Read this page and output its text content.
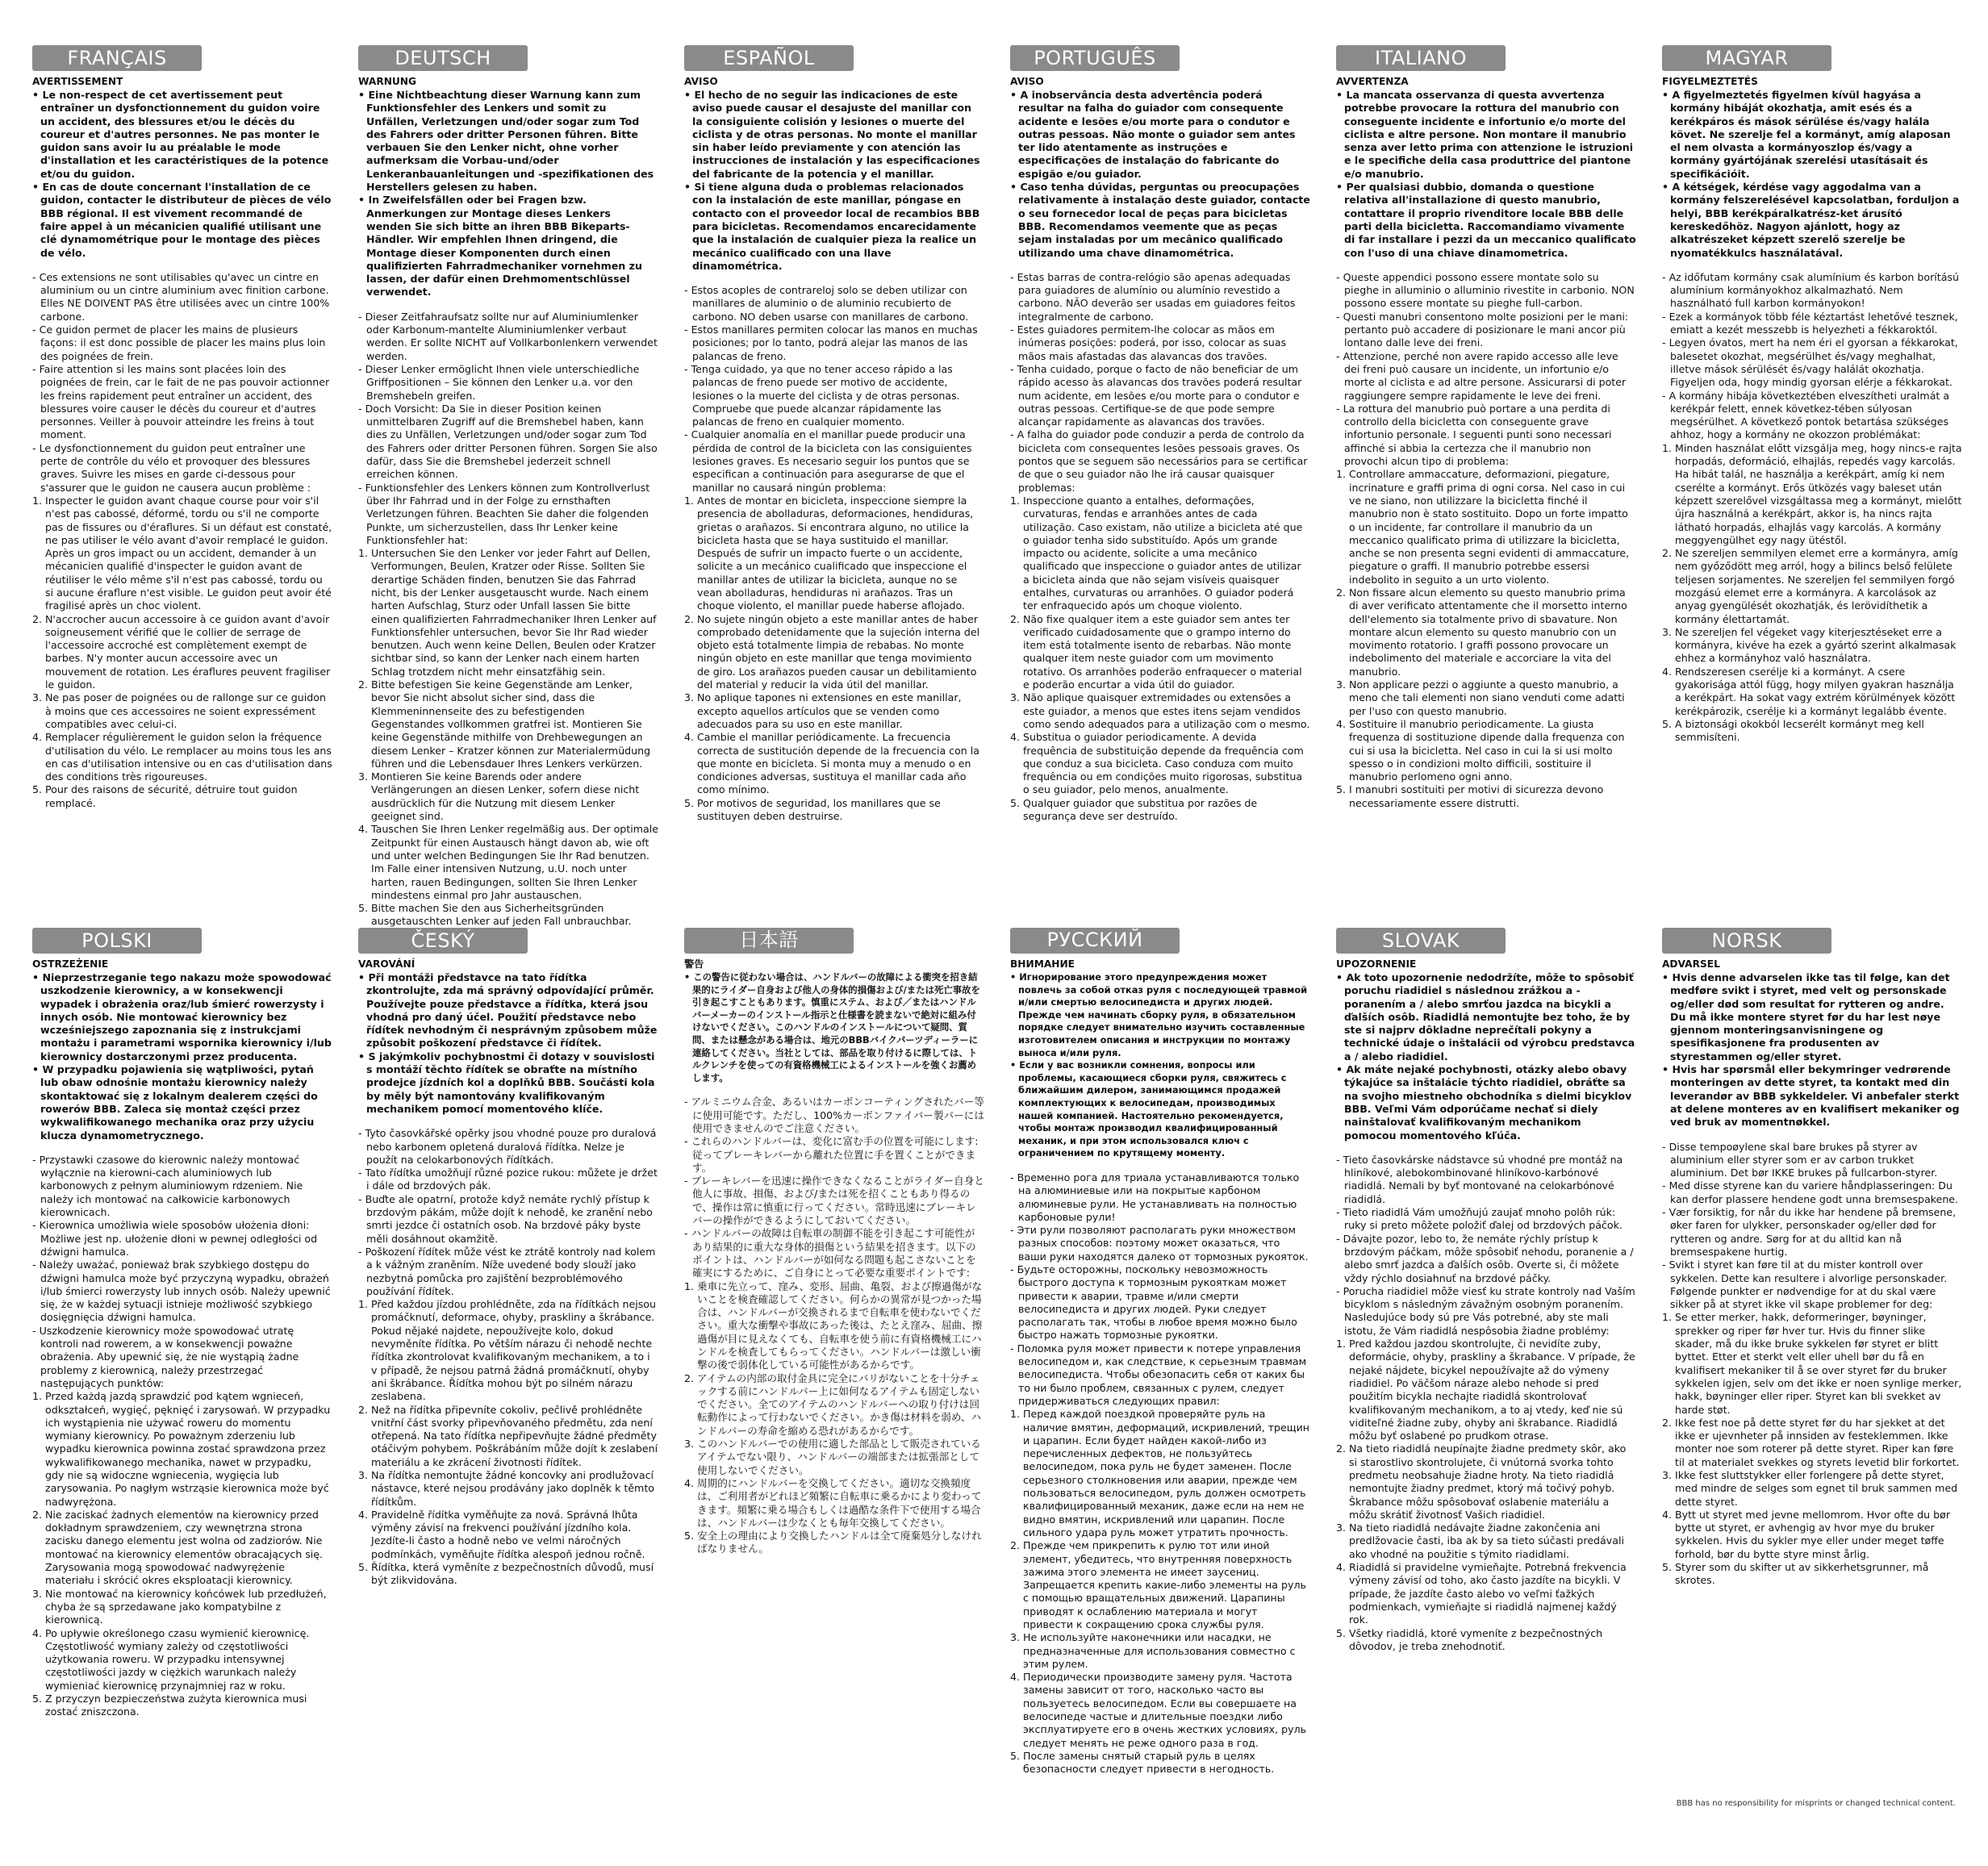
FRANÇAIS
AVERTISSEMENT
• Le non-respect de cet avertissement peut entraîner un dysfonctionnement du guidon voire un accident, des blessures et/ou le décès du coureur et d'autres personnes. Ne pas monter le guidon sans avoir lu au préalable le mode d'installation et les caractéristiques de la potence et/ou du guidon.
• En cas de doute concernant l'installation de ce guidon, contacter le distributeur de pièces de vélo BBB régional. Il est vivement recommandé de faire appel à un mécanicien qualifié utilisant une clé dynamométrique pour le montage des pièces de vélo.
- Ces extensions ne sont utilisables qu'avec un cintre en aluminium ou un cintre aluminium avec finition carbone. Elles NE DOIVENT PAS être utilisées avec un cintre 100% carbone.
- Ce guidon permet de placer les mains de plusieurs façons: il est donc possible de placer les mains plus loin des poignées de frein.
- Faire attention si les mains sont placées loin des poignées de frein, car le fait de ne pas pouvoir actionner les freins rapidement peut entraîner un accident, des blessures voire causer le décès du coureur et d'autres personnes. Veiller à pouvoir atteindre les freins à tout moment.
- Le dysfonctionnement du guidon peut entraîner une perte de contrôle du vélo et provoquer des blessures graves. Suivre les mises en garde ci-dessous pour s'assurer que le guidon ne causera aucun problème :
1. Inspecter le guidon avant chaque course pour voir s'il n'est pas cabossé, déformé, tordu ou s'il ne comporte pas de fissures ou d'éraflures. Si un défaut est constaté, ne pas utiliser le vélo avant d'avoir remplacé le guidon. Après un gros impact ou un accident, demander à un mécanicien qualifié d'inspecter le guidon avant de réutiliser le vélo même s'il n'est pas cabossé, tordu ou si aucune éraflure n'est visible. Le guidon peut avoir été fragilisé après un choc violent.
2. N'accrocher aucun accessoire à ce guidon avant d'avoir soigneusement vérifié que le collier de serrage de l'accessoire accroché est complètement exempt de barbes. N'y monter aucun accessoire avec un mouvement de rotation. Les éraflures peuvent fragiliser le guidon.
3. Ne pas poser de poignées ou de rallonge sur ce guidon à moins que ces accessoires ne soient expressément compatibles avec celui-ci.
4. Remplacer régulièrement le guidon selon la fréquence d'utilisation du vélo. Le remplacer au moins tous les ans en cas d'utilisation intensive ou en cas d'utilisation dans des conditions très rigoureuses.
5. Pour des raisons de sécurité, détruire tout guidon remplacé.
DEUTSCH
WARNUNG
• Eine Nichtbeachtung dieser Warnung kann zum Funktionsfehler des Lenkers und somit zu Unfällen, Verletzungen und/oder sogar zum Tod des Fahrers oder dritter Personen führen. Bitte verbauen Sie den Lenker nicht, ohne vorher aufmerksam die Vorbau-und/oder Lenkeranbauanleitungen und -spezifikationen des Herstellers gelesen zu haben.
• In Zweifelsfällen oder bei Fragen bzw. Anmerkungen zur Montage dieses Lenkers wenden Sie sich bitte an ihren BBB Bikeparts-Händler. Wir empfehlen Ihnen dringend, die Montage dieser Komponenten durch einen qualifizierten Fahrradmechaniker vornehmen zu lassen, der dafür einen Drehmomentschlüssel verwendet.
- Dieser Zeitfahraufsatz sollte nur auf Aluminiumlenker oder Karbonum-mantelte Aluminiumlenker verbaut werden. Er sollte NICHT auf Vollkarbonlenkern verwendet werden.
- Dieser Lenker ermöglicht Ihnen viele unterschiedliche Griffpositionen – Sie können den Lenker u.a. vor den Bremshebeln greifen.
- Doch Vorsicht: Da Sie in dieser Position keinen unmittelbaren Zugriff auf die Bremshebel haben, kann dies zu Unfällen, Verletzungen und/oder sogar zum Tod des Fahrers oder dritter Personen führen. Sorgen Sie also dafür, dass Sie die Bremshebel jederzeit schnell erreichen können.
- Funktionsfehler des Lenkers können zum Kontrollverlust über Ihr Fahrrad und in der Folge zu ernsthaften Verletzungen führen. Beachten Sie daher die folgenden Punkte, um sicherzustellen, dass Ihr Lenker keine Funktionsfehler hat:
1. Untersuchen Sie den Lenker vor jeder Fahrt auf Dellen, Verformungen, Beulen, Kratzer oder Risse. Sollten Sie derartige Schäden finden, benutzen Sie das Fahrrad nicht, bis der Lenker ausgetauscht wurde. Nach einem harten Aufschlag, Sturz oder Unfall lassen Sie bitte einen qualifizierten Fahrradmechaniker Ihren Lenker auf Funktionsfehler untersuchen, bevor Sie Ihr Rad wieder benutzen. Auch wenn keine Dellen, Beulen oder Kratzer sichtbar sind, so kann der Lenker nach einem harten Schlag trotzdem nicht mehr einsatzfähig sein.
2. Bitte befestigen Sie keine Gegenstände am Lenker, bevor Sie nicht absolut sicher sind, dass die Klemmeninnenseite des zu befestigenden Gegenstandes vollkommen gratfrei ist. Montieren Sie keine Gegenstände mithilfe von Drehbewegungen an diesem Lenker – Kratzer können zur Materialermüdung führen und die Lebensdauer Ihres Lenkers verkürzen.
3. Montieren Sie keine Barends oder andere Verlängerungen an diesen Lenker, sofern diese nicht ausdrücklich für die Nutzung mit diesem Lenker geeignet sind.
4. Tauschen Sie Ihren Lenker regelmäßig aus. Der optimale Zeitpunkt für einen Austausch hängt davon ab, wie oft und unter welchen Bedingungen Sie Ihr Rad benutzen. Im Falle einer intensiven Nutzung, u.U. noch unter harten, rauen Bedingungen, sollten Sie Ihren Lenker mindestens einmal pro Jahr austauschen.
5. Bitte machen Sie den aus Sicherheitsgründen ausgetauschten Lenker auf jeden Fall unbrauchbar.
ESPAÑOL
AVISO
• El hecho de no seguir las indicaciones de este aviso puede causar el desajuste del manillar con la consiguiente colisión y lesiones o muerte del ciclista y de otras personas. No monte el manillar sin haber leído previamente y con atención las instrucciones de instalación y las especificaciones del fabricante de la potencia y el manillar.
• Si tiene alguna duda o problemas relacionados con la instalación de este manillar, póngase en contacto con el proveedor local de recambios BBB para bicicletas. Recomendamos encarecidamente que la instalación de cualquier pieza la realice un mecánico cualificado con una llave dinamométrica.
- Estos acoples de contrareloj solo se deben utilizar con manillares de aluminio o de aluminio recubierto de carbono. NO deben usarse con manillares de carbono.
- Estos manillares permiten colocar las manos en muchas posiciones; por lo tanto, podrá alejar las manos de las palancas de freno.
- Tenga cuidado, ya que no tener acceso rápido a las palancas de freno puede ser motivo de accidente, lesiones o la muerte del ciclista y de otras personas. Compruebe que puede alcanzar rápidamente las palancas de freno en cualquier momento.
- Cualquier anomalía en el manillar puede producir una pérdida de control de la bicicleta con las consiguientes lesiones graves. Es necesario seguir los puntos que se especifican a continuación para asegurarse de que el manillar no causará ningún problema:
1. Antes de montar en bicicleta, inspeccione siempre la presencia de abolladuras, deformaciones, hendiduras, grietas o arañazos. Si encontrara alguno, no utilice la bicicleta hasta que se haya sustituido el manillar. Después de sufrir un impacto fuerte o un accidente, solicite a un mecánico cualificado que inspeccione el manillar antes de utilizar la bicicleta, aunque no se vean abolladuras, hendiduras ni arañazos. Tras un choque violento, el manillar puede haberse aflojado.
2. No sujete ningún objeto a este manillar antes de haber comprobado detenidamente que la sujeción interna del objeto está totalmente limpia de rebabas. No monte ningún objeto en este manillar que tenga movimiento de giro. Los arañazos pueden causar un debilitamiento del material y reducir la vida útil del manillar.
3. No aplique tapones ni extensiones en este manillar, excepto aquellos artículos que se venden como adecuados para su uso en este manillar.
4. Cambie el manillar periódicamente. La frecuencia correcta de sustitución depende de la frecuencia con la que monte en bicicleta. Si monta muy a menudo o en condiciones adversas, sustituya el manillar cada año como mínimo.
5. Por motivos de seguridad, los manillares que se sustituyen deben destruirse.
PORTUGUÊS
AVISO
• A inobservância desta advertência poderá resultar na falha do guiador com consequente acidente e lesões e/ou morte para o condutor e outras pessoas. Não monte o guiador sem antes ter lido atentamente as instruções e especificações de instalação do fabricante do espigão e/ou guiador.
• Caso tenha dúvidas, perguntas ou preocupações relativamente à instalação deste guiador, contacte o seu fornecedor local de peças para bicicletas BBB. Recomendamos veemente que as peças sejam instaladas por um mecânico qualificado utilizando uma chave dinamométrica.
- Estas barras de contra-relógio são apenas adequadas para guiadores de alumínio ou alumínio revestido a carbono. NÃO deverão ser usadas em guiadores feitos integralmente de carbono.
- Estes guiadores permitem-lhe colocar as mãos em inúmeras posições: poderá, por isso, colocar as suas mãos mais afastadas das alavancas dos travões.
- Tenha cuidado, porque o facto de não beneficiar de um rápido acesso às alavancas dos travões poderá resultar num acidente, em lesões e/ou morte para o condutor e outras pessoas. Certifique-se de que pode sempre alcançar rapidamente as alavancas dos travões.
- A falha do guiador pode conduzir a perda de controlo da bicicleta com consequentes lesões pessoais graves. Os pontos que se seguem são necessários para se certificar de que o seu guiador não lhe irá causar quaisquer problemas:
1. Inspeccione quanto a entalhes, deformações, curvaturas, fendas e arranhões antes de cada utilização. Caso existam, não utilize a bicicleta até que o guiador tenha sido substituído. Após um grande impacto ou acidente, solicite a uma mecânico qualificado que inspeccione o guiador antes de utilizar a bicicleta ainda que não sejam visíveis quaisquer entalhes, curvaturas ou arranhões. O guiador poderá ter enfraquecido após um choque violento.
2. Não fixe qualquer item a este guiador sem antes ter verificado cuidadosamente que o grampo interno do item está totalmente isento de rebarbas. Não monte qualquer item neste guiador com um movimento rotativo. Os arranhões poderão enfraquecer o material e poderão encurtar a vida útil do guiador.
3. Não aplique quaisquer extremidades ou extensões a este guiador, a menos que estes itens sejam vendidos como sendo adequados para a utilização com o mesmo.
4. Substitua o guiador periodicamente. A devida frequência de substituição depende da frequência com que conduz a sua bicicleta. Caso conduza com muito frequência ou em condições muito rigorosas, substitua o seu guiador, pelo menos, anualmente.
5. Qualquer guiador que substitua por razões de segurança deve ser destruído.
ITALIANO
AVVERTENZA
• La mancata osservanza di questa avvertenza potrebbe provocare la rottura del manubrio con conseguente incidente e infortunio e/o morte del ciclista e altre persone. Non montare il manubrio senza aver letto prima con attenzione le istruzioni e le specifiche della casa produttrice del piantone e/o manubrio.
• Per qualsiasi dubbio, domanda o questione relativa all'installazione di questo manubrio, contattare il proprio rivenditore locale BBB delle parti della bicicletta. Raccomandiamo vivamente di far installare i pezzi da un meccanico qualificato con l'uso di una chiave dinamometrica.
- Queste appendici possono essere montate solo su pieghe in alluminio o alluminio rivestite in carbonio. NON possono essere montate su pieghe full-carbon.
- Questi manubri consentono molte posizioni per le mani: pertanto può accadere di posizionare le mani ancor più lontano dalle leve dei freni.
- Attenzione, perché non avere rapido accesso alle leve dei freni può causare un incidente, un infortunio e/o morte al ciclista e ad altre persone. Assicurarsi di poter raggiungere sempre rapidamente le leve dei freni.
- La rottura del manubrio può portare a una perdita di controllo della bicicletta con conseguente grave infortunio personale. I seguenti punti sono necessari affinché si abbia la certezza che il manubrio non provochi alcun tipo di problema:
1. Controllare ammaccature, deformazioni, piegature, incrinature e graffi prima di ogni corsa. Nel caso in cui ve ne siano, non utilizzare la bicicletta finché il manubrio non è stato sostituito. Dopo un forte impatto o un incidente, far controllare il manubrio da un meccanico qualificato prima di utilizzare la bicicletta, anche se non presenta segni evidenti di ammaccature, piegature o graffi. Il manubrio potrebbe essersi indebolito in seguito a un urto violento.
2. Non fissare alcun elemento su questo manubrio prima di aver verificato attentamente che il morsetto interno dell'elemento sia totalmente privo di sbavature. Non montare alcun elemento su questo manubrio con un movimento rotatorio. I graffi possono provocare un indebolimento del materiale e accorciare la vita del manubrio.
3. Non applicare pezzi o aggiunte a questo manubrio, a meno che tali elementi non siano venduti come adatti per l'uso con questo manubrio.
4. Sostituire il manubrio periodicamente. La giusta frequenza di sostituzione dipende dalla frequenza con cui si usa la bicicletta. Nel caso in cui la si usi molto spesso o in condizioni molto difficili, sostituire il manubrio perlomeno ogni anno.
5. I manubri sostituiti per motivi di sicurezza devono necessariamente essere distrutti.
MAGYAR
FIGYELMEZTETÉS
• A figyelmeztetés figyelmen kívül hagyása a kormány hibáját okozhatja, amit esés és a kerékpáros és mások sérülése és/vagy halála követ. Ne szerelje fel a kormányt, amíg alaposan el nem olvasta a kormányoszlop és/vagy a kormány gyártójának szerelési utasításait és specifikációit.
• A kétségek, kérdése vagy aggodalma van a kormány felszerelésével kapcsolatban, forduljon a helyi, BBB kerékpáralkatrész-ket árusító kereskedőhöz. Nagyon ajánlott, hogy az alkatrészeket képzett szerelő szerelje be nyomatékkulcs használatával.
- Az időfutam kormány csak alumínium és karbon borítású alumínium kormányokhoz alkalmazható. Nem használható full karbon kormányokon!
- Ezek a kormányok több féle kéztartást lehetővé tesznek, emiatt a kezét messzebb is helyezheti a fékkaroktól.
- Legyen óvatos, mert ha nem éri el gyorsan a fékkarokat, balesetet okozhat, megsérülhet és/vagy meghalhat, illetve mások sérülését és/vagy halálát okozhatja. Figyeljen oda, hogy mindig gyorsan elérje a fékkarokat.
- A kormány hibája következtében elveszítheti uralmát a kerékpár felett, ennek következ-tében súlyosan megsérülhet. A következő pontok betartása szükséges ahhoz, hogy a kormány ne okozzon problémákat:
1. Minden használat előtt vizsgálja meg, hogy nincs-e rajta horpadás, deformáció, elhajlás, repedés vagy karcolás. Ha hibát talál, ne használja a kerékpárt, amíg ki nem cserélte a kormányt. Erős ütközés vagy baleset után képzett szerelővel vizsgáltassa meg a kormányt, mielőtt újra használná a kerékpárt, akkor is, ha nincs rajta látható horpadás, elhajlás vagy karcolás. A kormány meggyengülhet egy nagy ütéstől.
2. Ne szereljen semmilyen elemet erre a kormányra, amíg nem győződött meg arról, hogy a bilincs belső felülete teljesen sorjamentes. Ne szereljen fel semmilyen forgó mozgású elemet erre a kormányra. A karcolások az anyag gyengülését okozhatják, és lerövidíthetik a kormány élettartamát.
3. Ne szereljen fel végeket vagy kiterjesztéseket erre a kormányra, kivéve ha ezek a gyártó szerint alkalmasak ehhez a kormányhoz való használatra.
4. Rendszeresen cserélje ki a kormányt. A csere gyakorisága attól függ, hogy milyen gyakran használja a kerékpárt. Ha sokat vagy extrém körülmények között kerékpározik, cserélje ki a kormányt legalább évente.
5. A biztonsági okokból lecserélt kormányt meg kell semmisíteni.
POLSKI
OSTRZEŻENIE
• Nieprzestrzeganie tego nakazu może spowodować uszkodzenie kierownicy, a w konsekwencji wypadek i obrażenia oraz/lub śmierć rowerzysty i innych osób. Nie montować kierownicy bez wcześniejszego zapoznania się z instrukcjami montażu i parametrami wspornika kierownicy i/lub kierownicy dostarczonymi przez producenta.
• W przypadku pojawienia się wątpliwości, pytań lub obaw odnośnie montażu kierownicy należy skontaktować się z lokalnym dealerem części do rowerów BBB. Zaleca się montaż części przez wykwalifikowanego mechanika oraz przy użyciu klucza dynamometrycznego.
- Przystawki czasowe do kierownic należy montować wyłącznie na kierowni-cach aluminiowych lub karbonowych z pełnym aluminiowym rdzeniem. Nie należy ich montować na całkowicie karbonowych kierownicach.
- Kierownica umożliwia wiele sposobów ułożenia dłoni: Możliwe jest np. ułożenie dłoni w pewnej odległości od dźwigni hamulca.
- Należy uważać, ponieważ brak szybkiego dostępu do dźwigni hamulca może być przyczyną wypadku, obrażeń i/lub śmierci rowerzysty lub innych osób. Należy upewnić się, że w każdej sytuacji istnieje możliwość szybkiego dosięgnięcia dźwigni hamulca.
- Uszkodzenie kierownicy może spowodować utratę kontroli nad rowerem, a w konsekwencji poważne obrażenia. Aby upewnić się, że nie wystąpią żadne problemy z kierownicą, należy przestrzegać następujących punktów:
1. Przed każdą jazdą sprawdzić pod kątem wgnieceń, odkształceń, wygięć, pęknięć i zarysowań. W przypadku ich wystąpienia nie używać roweru do momentu wymiany kierownicy. Po poważnym zderzeniu lub wypadku kierownica powinna zostać sprawdzona przez wykwalifikowanego mechanika, nawet w przypadku, gdy nie są widoczne wgniecenia, wygięcia lub zarysowania. Po nagłym wstrząsie kierownica może być nadwyrężona.
2. Nie zaciskać żadnych elementów na kierownicy przed dokładnym sprawdzeniem, czy wewnętrzna strona zacisku danego elementu jest wolna od zadziorów. Nie montować na kierownicy elementów obracających się. Zarysowania mogą spowodować nadwyrężenie materiału i skrócić okres eksploatacji kierownicy.
3. Nie montować na kierownicy końcówek lub przedłużeń, chyba że są sprzedawane jako kompatybilne z kierownicą.
4. Po upływie określonego czasu wymienić kierownicę. Częstotliwość wymiany zależy od częstotliwości użytkowania roweru. W przypadku intensywnej częstotliwości jazdy w ciężkich warunkach należy wymieniać kierownicę przynajmniej raz w roku.
5. Z przyczyn bezpieczeństwa zużyta kierownica musi zostać zniszczona.
ČESKÝ
VAROVÁNÍ
• Při montáži představce na tato řídítka zkontrolujte, zda má správný odpovídající průměr. Používejte pouze představce a řídítka, která jsou vhodná pro daný účel. Použití představce nebo řídítek nevhodným či nesprávným způsobem může způsobit poškození představce či řídítek.
• S jakýmkoliv pochybnostmi či dotazy v souvislosti s montáží těchto řídítek se obraťte na místního prodejce jízdních kol a doplňků BBB. Součásti kola by měly být namontovány kvalifikovaným mechanikem pomocí momentového klíče.
- Tyto časovkářské opěrky jsou vhodné pouze pro duralová nebo karbonem opletená duralová řídítka. Nelze je použít na celokarbonových řídítkách.
- Tato řídítka umožňují různé pozice rukou: můžete je držet i dále od brzdových pák.
- Buďte ale opatrní, protože když nemáte rychlý přístup k brzdovým pákám, může dojít k nehodě, ke zranění nebo smrti jezdce či ostatních osob. Na brzdové páky byste měli dosáhnout okamžitě.
- Poškození řídítek může vést ke ztrátě kontroly nad kolem a k vážným zraněním. Níže uvedené body slouží jako nezbytná pomůcka pro zajištění bezproblémového používání řídítek.
1. Před každou jízdou prohlédněte, zda na řídítkách nejsou promáčknutí, deformace, ohyby, praskliny a škrábance. Pokud nějaké najdete, nepoužívejte kolo, dokud nevyměníte řídítka. Po větším nárazu či nehodě nechte řídítka zkontrolovat kvalifikovaným mechanikem, a to i v případě, že nejsou patrná žádná promáčknutí, ohyby ani škrábance. Řídítka mohou být po silném nárazu zeslabena.
2. Než na řídítka připevníte cokoliv, pečlivě prohlédněte vnitřní část svorky připevňovaného předmětu, zda není otřepená. Na tato řídítka nepřipevňujte žádné předměty otáčivým pohybem. Poškrábáním může dojít k zeslabení materiálu a ke zkrácení životnosti řídítek.
3. Na řídítka nemontujte žádné koncovky ani prodlužovací nástavce, které nejsou prodávány jako doplněk k těmto řídítkům.
4. Pravidelně řídítka vyměňujte za nová. Správná lhůta výměny závisí na frekvenci používání jízdního kola. Jezdíte-li často a hodně nebo ve velmi náročných podmínkách, vyměňujte řídítka alespoň jednou ročně.
5. Řídítka, která vyměníte z bezpečnostních důvodů, musí být zlikvidována.
日本語
警告
• この警告に従わない場合は、ハンドルバーの故障による衝突を招き結果的にライダー自身および他人の身体的損傷および/または死亡事故を引き起こすこともあります。慎重にステム、および／またはハンドルバーメーカーのインストール指示と仕様書を読まないで絶対に組み付けないでください。このハンドルのインストールについて疑問、質問、または懸念がある場合は、地元のBBBバイクパーツディーラーに連絡してください。当社としては、部品を取り付けるに際しては、トルクレンチを使っての有資格機械工によるインストールを強くお薦めします。
- アルミニウム合金、あるいはカーボンコーティングされたバー等に使用可能です。ただし、100%カーボンファイバー製バーには使用できませんのでご注意ください。
- これらのハンドルバーは、変化に富む手の位置を可能にします:従ってブレーキレバーから離れた位置に手を置くことができます。
- ブレーキレバーを迅速に操作できなくなることがライダー自身と他人に事故、損傷、および/または死を招くこともあり得るので、操作は常に慎重に行ってください。常時迅速にブレーキレバーの操作ができるようにしておいてください。
- ハンドルバーの故障は自転車の制御不能を引き起こす可能性があり結果的に重大な身体的損傷という結果を招きます。以下のポイントは、ハンドルバーが如何なる問題も起こさないことを確実にするために、ご自身にとって必要な重要ポイントです:
1. 乗車に先立って、窪み、変形、屈曲、亀裂、および擦過傷がないことを検査確認してください。何らかの異常が見つかった場合は、ハンドルバーが交換されるまで自転車を使わないでください。重大な衝撃や事故にあった後は、たとえ窪み、屈曲、擦過傷が目に見えなくても、自転車を使う前に有資格機械工にハンドルを検査してもらってください。ハンドルバーは激しい衝撃の後で弱体化している可能性があるからです。
2. アイテムの内部の取付金具に完全にバリがないことを十分チェックする前にハンドルバー上に如何なるアイテムも固定しないでください。全てのアイテムのハンドルバーへの取り付けは回転動作によって行わないでください。かき傷は材料を弱め、ハンドルバーの寿命を縮める恐れがあるからです。
3. このハンドルバーでの使用に適した部品として販売されているアイテムでない限り、ハンドルバーの端部または拡張部として使用しないでください。
4. 周期的にハンドルバーを交換してください。適切な交換頻度は、ご利用者がどれほど頻繁に自転車に乗るかにより変わってきます。頻繁に乗る場合もしくは過酷な条件下で使用する場合は、ハンドルバーは少なくとも毎年交換してください。
5. 安全上の理由により交換したハンドルは全て廃棄処分しなければなりません。
РУССКИЙ
ВНИМАНИЕ
• Игнорирование этого предупреждения может повлечь за собой отказ руля с последующей травмой и/или смертью велосипедиста и других людей. Прежде чем начинать сборку руля, в обязательном порядке следует внимательно изучить составленные изготовителем описания и инструкции по монтажу выноса и/или руля.
• Если у вас возникли сомнения, вопросы или проблемы, касающиеся сборки руля, свяжитесь с ближайшим дилером, занимающимся продажей комплектующих к велосипедам, производимых нашей компанией. Настоятельно рекомендуется, чтобы монтаж производил квалифицированный механик, и при этом использовался ключ с ограничением по крутящему моменту.
- Временно рога для триала устанавливаются только на алюминиевые или на покрытые карбоном алюминевые рули. Не устанавливать на полностью карбоновые рули!
- Эти рули позволяют располагать руки множеством разных способов: поэтому может оказаться, что ваши руки находятся далеко от тормозных рукояток.
- Будьте осторожны, поскольку невозможность быстрого доступа к тормозным рукояткам может привести к аварии, травме и/или смерти велосипедиста и других людей. Руки следует располагать так, чтобы в любое время можно было быстро нажать тормозные рукоятки.
- Поломка руля может привести к потере управления велосипедом и, как следствие, к серьезным травмам велосипедиста. Чтобы обезопасить себя от каких бы то ни было проблем, связанных с рулем, следует придерживаться следующих правил:
1. Перед каждой поездкой проверяйте руль на наличие вмятин, деформаций, искривлений, трещин и царапин. Если будет найден какой-либо из перечисленных дефектов, не пользуйтесь велосипедом, пока руль не будет заменен. После серьезного столкновения или аварии, прежде чем пользоваться велосипедом, руль должен осмотреть квалифицированный механик, даже если на нем не видно вмятин, искривлений или царапин. После сильного удара руль может утратить прочность.
2. Прежде чем прикрепить к рулю тот или иной элемент, убедитесь, что внутренняя поверхность зажима этого элемента не имеет заусениц. Запрещается крепить какие-либо элементы на руль с помощью вращательных движений. Царапины приводят к ослаблению материала и могут привести к сокращению срока службы руля.
3. Не используйте наконечники или насадки, не предназначенные для использования совместно с этим рулем.
4. Периодически производите замену руля. Частота замены зависит от того, насколько часто вы пользуетесь велосипедом. Если вы совершаете на велосипеде частые и длительные поездки либо эксплуатируете его в очень жестких условиях, руль следует менять не реже одного раза в год.
5. После замены снятый старый руль в целях безопасности следует привести в негодность.
SLOVAK
UPOZORNENIE
• Ak toto upozornenie nedodržíte, môže to spôsobiť poruchu riadidiel s následnou zrážkou a - poranením a / alebo smrťou jazdca na bicykli a ďalších osôb. Riadidlá nemontujte bez toho, že by ste si najprv dôkladne neprečítali pokyny a technické údaje o inštalácii od výrobcu predstavca a / alebo riadidiel.
• Ak máte nejaké pochybnosti, otázky alebo obavy týkajúce sa inštalácie týchto riadidiel, obráťte sa na svojho miestneho obchodníka s dielmi bicyklov BBB. Veľmi Vám odporúčame nechať si diely nainštalovať kvalifikovaným mechanikom pomocou momentového kľúča.
- Tieto časovkárske nádstavce sú vhodné pre montáž na hliníkové, alebokombinované hliníkovo-karbónové riadidlá. Nemali by byť montované na celokarbónové riadidlá.
- Tieto riadidlá Vám umožňujú zaujať mnoho polôh rúk: ruky si preto môžete položiť ďalej od brzdových páčok.
- Dávajte pozor, lebo to, že nemáte rýchly prístup k brzdovým páčkam, môže spôsobiť nehodu, poranenie a / alebo smrť jazdca a ďalších osôb. Overte si, či môžete vždy rýchlo dosiahnuť na brzdové páčky.
- Porucha riadidiel môže viesť ku strate kontroly nad Vaším bicyklom s následným závažným osobným poranením. Nasledujúce body sú pre Vás potrebné, aby ste mali istotu, že Vám riadidlá nespôsobia žiadne problémy:
1. Pred každou jazdou skontrolujte, či nevidíte zuby, deformácie, ohyby, praskliny a škrabance. V prípade, že nejaké nájdete, bicykel nepoužívajte až do výmeny riadidiel. Po väčšom náraze alebo nehode si pred použitím bicykla nechajte riadidlá skontrolovať kvalifikovaným mechanikom, a to aj vtedy, keď nie sú viditeľné žiadne zuby, ohyby ani škrabance. Riadidlá môžu byť oslabené po prudkom otrase.
2. Na tieto riadidlá neupínajte žiadne predmety skôr, ako si starostlivo skontrolujete, či vnútorná svorka tohto predmetu neobsahuje žiadne hroty. Na tieto riadidlá nemontujte žiadny predmet, ktorý má točivý pohyb. Škrabance môžu spôsobovať oslabenie materiálu a môžu skrátiť životnosť Vašich riadidiel.
3. Na tieto riadidlá nedávajte žiadne zakončenia ani predlžovacie časti, iba ak by sa tieto súčasti predávali ako vhodné na použitie s týmito riadidlami.
4. Riadidlá si pravidelne vymieňajte. Potrebná frekvencia výmeny závisí od toho, ako často jazdíte na bicykli. V prípade, že jazdíte často alebo vo veľmi ťažkých podmienkach, vymieňajte si riadidlá najmenej každý rok.
5. Všetky riadidlá, ktoré vymeníte z bezpečnostných dôvodov, je treba znehodnotiť.
NORSK
ADVARSEL
• Hvis denne advarselen ikke tas til følge, kan det medføre svikt i styret, med velt og personskade og/eller død som resultat for rytteren og andre. Du må ikke montere styret før du har lest nøye gjennom monteringsanvisningene og spesifikasjonene fra produsenten av styrestammen og/eller styret.
• Hvis har spørsmål eller bekymringer vedrørende monteringen av dette styret, ta kontakt med din leverandør av BBB sykkeldeler. Vi anbefaler sterkt at delene monteres av en kvalifisert mekaniker og ved bruk av momentnøkkel.
- Disse tempoøylene skal bare brukes på styrer av aluminium eller styrer som er av carbon trukket aluminium. Det bør IKKE brukes på fullcarbon-styrer.
- Med disse styrene kan du variere håndplasseringen: Du kan derfor plassere hendene godt unna bremsespakene.
- Vær forsiktig, for når du ikke har hendene på bremsene, øker faren for ulykker, personskader og/eller død for rytteren og andre. Sørg for at du alltid kan nå bremsespakene hurtig.
- Svikt i styret kan føre til at du mister kontroll over sykkelen. Dette kan resultere i alvorlige personskader. Følgende punkter er nødvendige for at du skal være sikker på at styret ikke vil skape problemer for deg:
1. Se etter merker, hakk, deformeringer, bøyninger, sprekker og riper før hver tur. Hvis du finner slike skader, må du ikke bruke sykkelen før styret er blitt byttet. Etter et sterkt velt eller uhell bør du få en kvalifisert mekaniker til å se over styret før du bruker sykkelen igjen, selv om det ikke er noen synlige merker, hakk, bøyninger eller riper. Styret kan bli svekket av harde støt.
2. Ikke fest noe på dette styret før du har sjekket at det ikke er ujevnheter på innsiden av festeklemmen. Ikke monter noe som roterer på dette styret. Riper kan føre til at materialet svekkes og styrets levetid blir forkortet.
3. Ikke fest sluttstykker eller forlengere på dette styret, med mindre de selges som egnet til bruk sammen med dette styret.
4. Bytt ut styret med jevne mellomrom. Hvor ofte du bør bytte ut styret, er avhengig av hvor mye du bruker sykkelen. Hvis du sykler mye eller under meget tøffe forhold, bør du bytte styre minst årlig.
5. Styrer som du skifter ut av sikkerhetsgrunner, må skrotes.
BBB has no responsibility for misprints or changed technical content.
